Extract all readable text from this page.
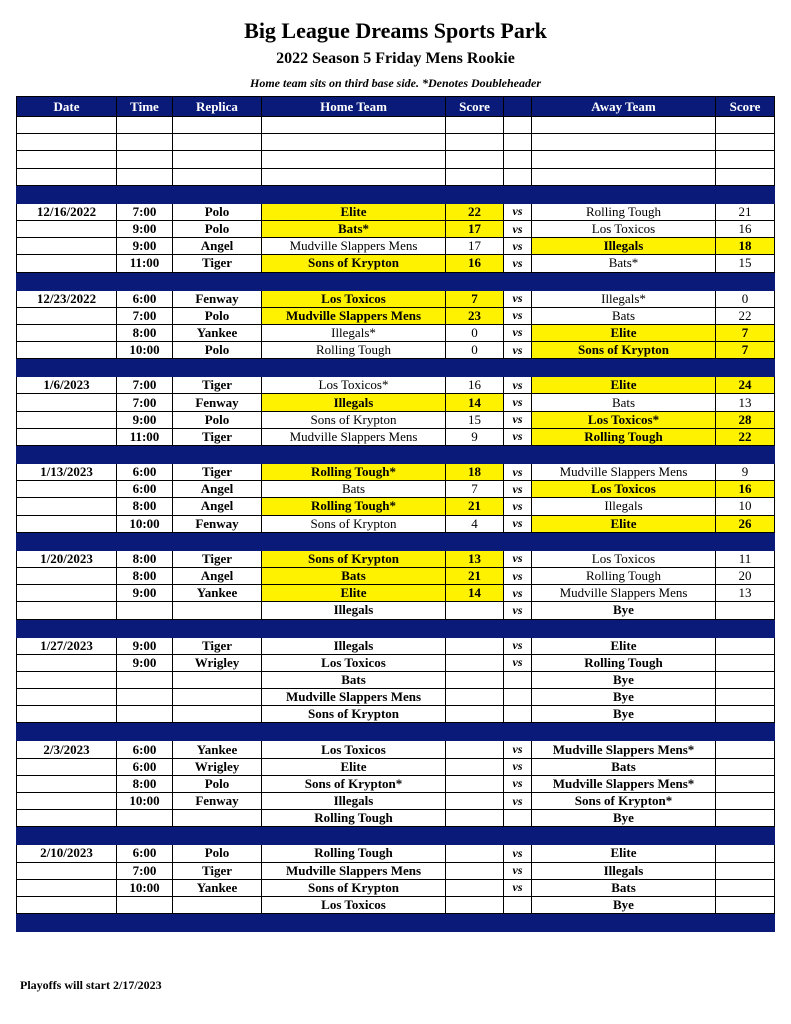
Big League Dreams Sports Park
2022 Season 5 Friday Mens Rookie
Home team sits on third base side. *Denotes Doubleheader
Date	Time	Replica	Home Team	Score		Away Team	Score

12/16/2022	7:00	Polo	Elite	22	vs	Rolling Tough	21
	9:00	Polo	Bats*	17	vs	Los Toxicos	16
	9:00	Angel	Mudville Slappers Mens	17	vs	Illegals	18
	11:00	Tiger	Sons of Krypton	16	vs	Bats*	15

12/23/2022	6:00	Fenway	Los Toxicos	7	vs	Illegals*	0
	7:00	Polo	Mudville Slappers Mens	23	vs	Bats	22
	8:00	Yankee	Illegals*	0	vs	Elite	7
	10:00	Polo	Rolling Tough	0	vs	Sons of Krypton	7

1/6/2023	7:00	Tiger	Los Toxicos*	16	vs	Elite	24
	7:00	Fenway	Illegals	14	vs	Bats	13
	9:00	Polo	Sons of Krypton	15	vs	Los Toxicos*	28
	11:00	Tiger	Mudville Slappers Mens	9	vs	Rolling Tough	22

1/13/2023	6:00	Tiger	Rolling Tough*	18	vs	Mudville Slappers Mens	9
	6:00	Angel	Bats	7	vs	Los Toxicos	16
	8:00	Angel	Rolling Tough*	21	vs	Illegals	10
	10:00	Fenway	Sons of Krypton	4	vs	Elite	26

1/20/2023	8:00	Tiger	Sons of Krypton	13	vs	Los Toxicos	11
	8:00	Angel	Bats	21	vs	Rolling Tough	20
	9:00	Yankee	Elite	14	vs	Mudville Slappers Mens	13
			Illegals		vs	Bye	

1/27/2023	9:00	Tiger	Illegals		vs	Elite	
	9:00	Wrigley	Los Toxicos		vs	Rolling Tough	
			Bats			Bye	
			Mudville Slappers Mens			Bye	
			Sons of Krypton			Bye	

2/3/2023	6:00	Yankee	Los Toxicos		vs	Mudville Slappers Mens*	
	6:00	Wrigley	Elite		vs	Bats	
	8:00	Polo	Sons of Krypton*		vs	Mudville Slappers Mens*	
	10:00	Fenway	Illegals		vs	Sons of Krypton*	
			Rolling Tough			Bye	

2/10/2023	6:00	Polo	Rolling Tough		vs	Elite	
	7:00	Tiger	Mudville Slappers Mens		vs	Illegals	
	10:00	Yankee	Sons of Krypton		vs	Bats	
			Los Toxicos			Bye	

Playoffs will start 2/17/2023
